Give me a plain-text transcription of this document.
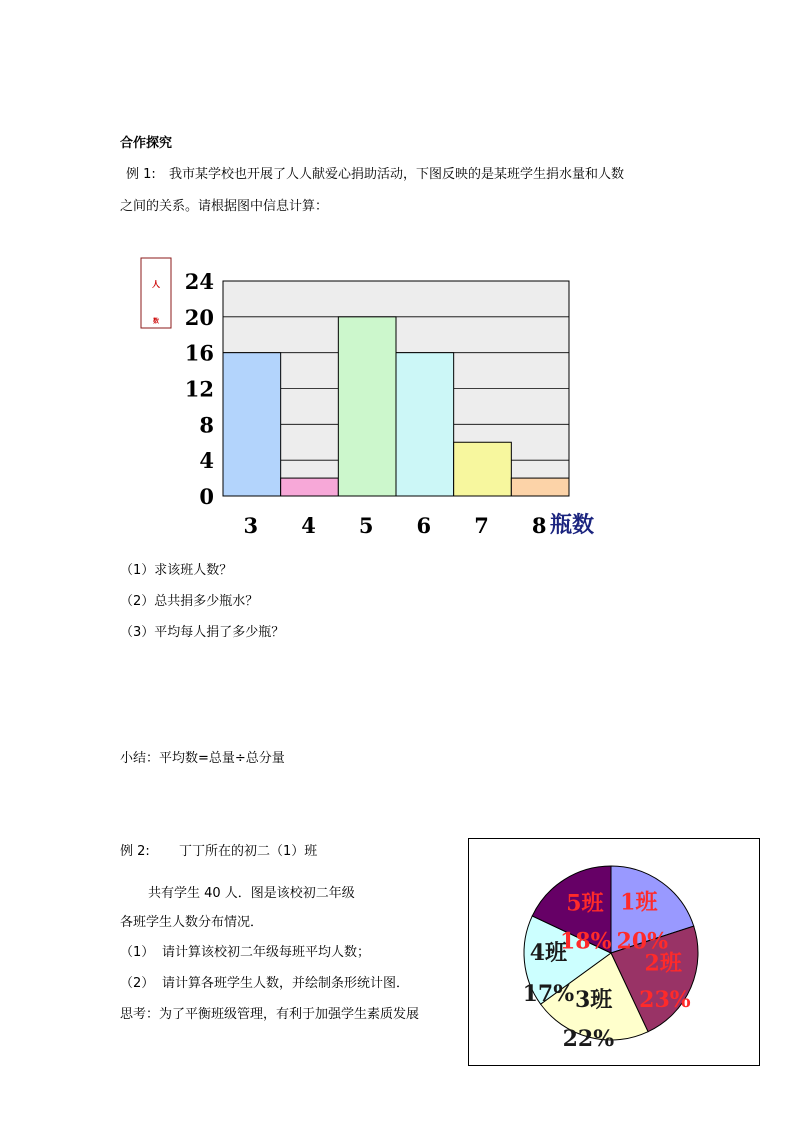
合作探究
例 1: 我市某学校也开展了人人献爱心捐助活动，下图反映的是某班学生捐水量和人数
之间的关系。请根据图中信息计算：
0
4
8
12
16
20
24
3 4 5 6 7 8
人
数
瓶数
（1）求该班人数？
（2）总共捐多少瓶水？
（3）平均每人捐了多少瓶？
小结：平均数=总量÷总分量
例 2: 丁丁所在的初二（1）班
共有学生 40 人．图是该校初二年级
各班学生人数分布情况．
（1） 请计算该校初二年级每班平均人数；
（2） 请计算各班学生人数，并绘制条形统计图．
思考：为了平衡班级管理，有利于加强学生素质发展
1班
20%
2班
23%
3班
22%
4班
17%
5班
18%
